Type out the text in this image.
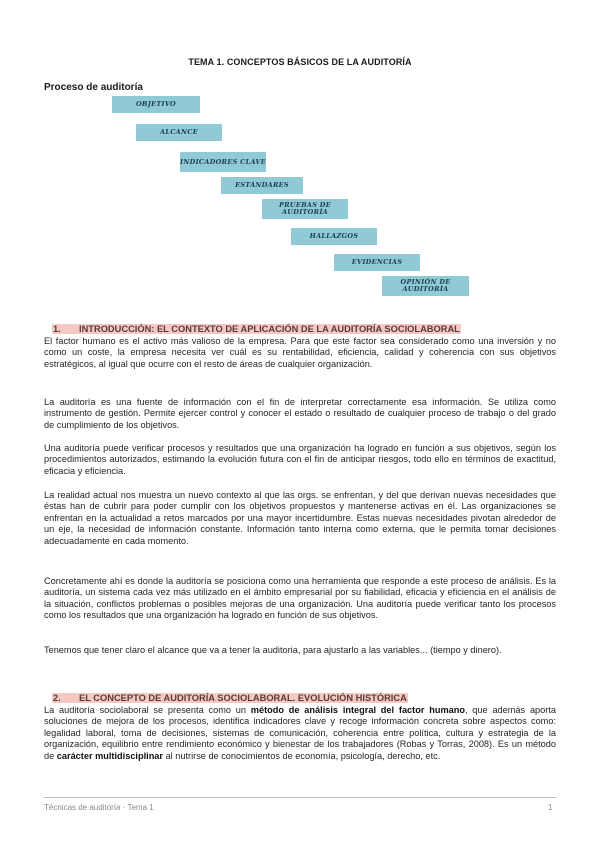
TEMA 1. CONCEPTOS BÁSICOS DE LA AUDITORÍA
Proceso de auditoría
OBJETIVO
ALCANCE
INDICADORES CLAVE
ESTÁNDARES
PRUEBAS DE AUDITORÍA
HALLAZGOS
EVIDENCIAS
OPINIÓN DE AUDITORÍA
1. INTRODUCCIÓN: EL CONTEXTO DE APLICACIÓN DE LA AUDITORÍA SOCIOLABORAL
El factor humano es el activo más valioso de la empresa. Para que este factor sea considerado como una inversión y no como un coste, la empresa necesita ver cuál es su rentabilidad, eficiencia, calidad y coherencia con sus objetivos estratégicos, al igual que ocurre con el resto de áreas de cualquier organización.
La auditoría es una fuente de información con el fin de interpretar correctamente esa información. Se utiliza como instrumento de gestión. Permite ejercer control y conocer el estado o resultado de cualquier proceso de trabajo o del grado de cumplimiento de los objetivos.
Una auditoría puede verificar procesos y resultados que una organización ha logrado en función a sus objetivos, según los procedimientos autorizados, estimando la evolución futura con el fin de anticipar riesgos, todo ello en términos de exactitud, eficacia y eficiencia.
La realidad actual nos muestra un nuevo contexto al que las orgs. se enfrentan, y del que derivan nuevas necesidades que éstas han de cubrir para poder cumplir con los objetivos propuestos y mantenerse activas en él. Las organizaciones se enfrentan en la actualidad a retos marcados por una mayor incertidumbre. Estas nuevas necesidades pivotan alrededor de un eje, la necesidad de información constante. Información tanto interna como externa, que le permita tomar decisiones adecuadamente en cada momento.
Concretamente ahí es donde la auditoría se posiciona como una herramienta que responde a este proceso de análisis. Es la auditoría, un sistema cada vez más utilizado en el ámbito empresarial por su fiabilidad, eficacia y eficiencia en el análisis de la situación, conflictos problemas o posibles mejoras de una organización. Una auditoría puede verificar tanto los procesos como los resultados que una organización ha logrado en función de sus objetivos.
Tenemos que tener claro el alcance que va a tener la auditoria, para ajustarlo a las variables... (tiempo y dinero).
2. EL CONCEPTO DE AUDITORÍA SOCIOLABORAL. EVOLUCIÓN HISTÓRICA
La auditoría sociolaboral se presenta como un método de análisis integral del factor humano, que además aporta soluciones de mejora de los procesos, identifica indicadores clave y recoge información concreta sobre aspectos como: legalidad laboral, toma de decisiones, sistemas de comunicación, coherencia entre política, cultura y estrategia de la organización, equilibrio entre rendimiento económico y bienestar de los trabajadores (Robas y Torras, 2008). Es un método de carácter multidisciplinar al nutrirse de conocimientos de economía, psicología, derecho, etc.
Técnicas de auditoría · Tema 1	1
